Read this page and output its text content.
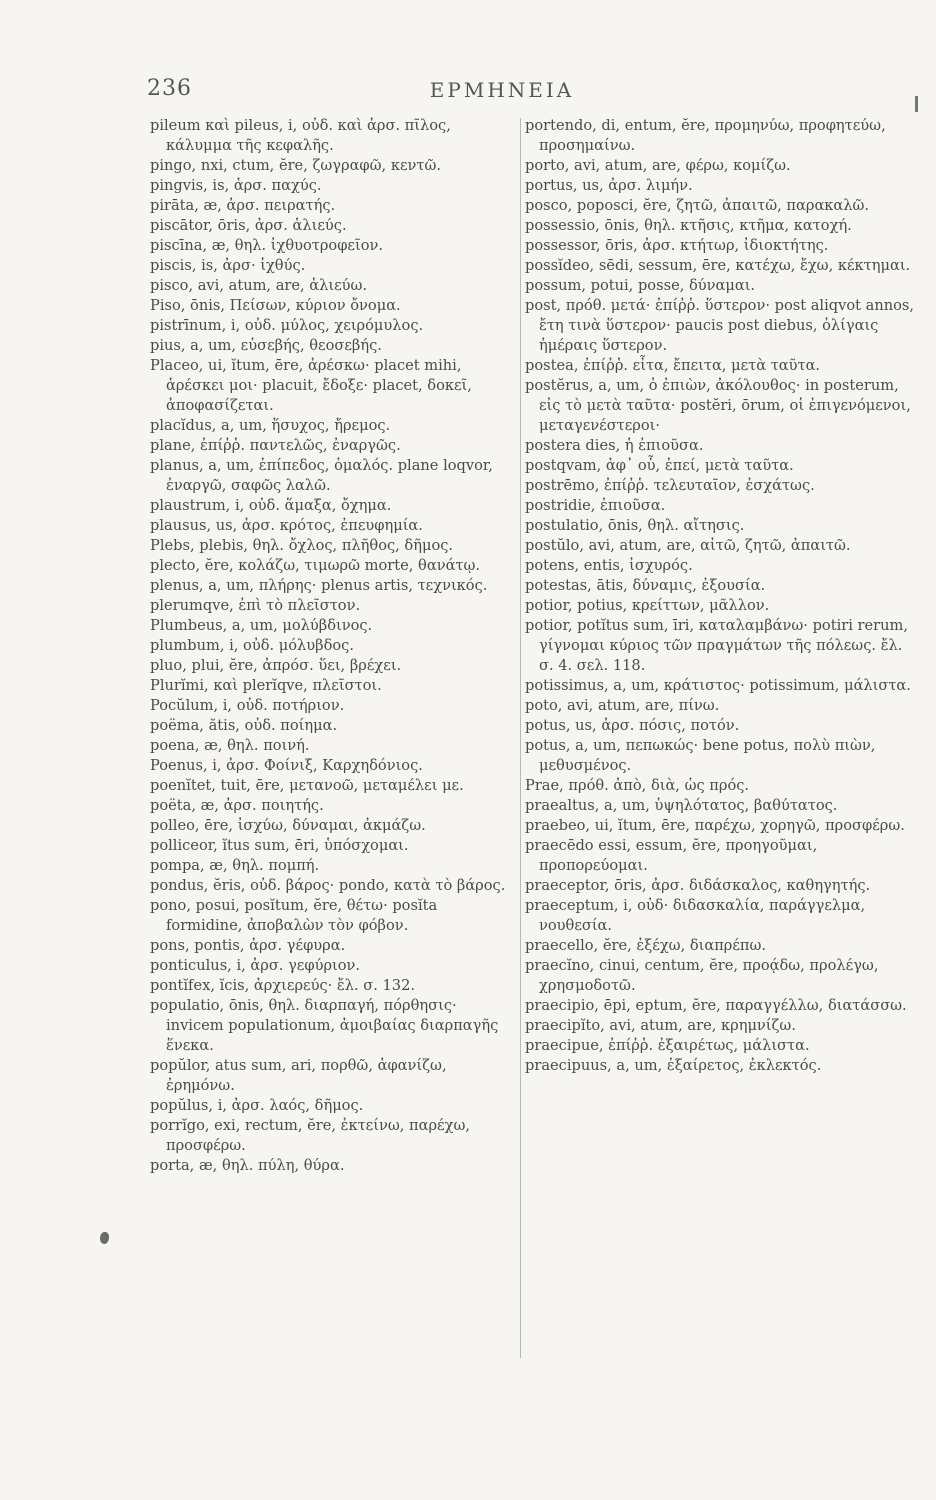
236	ΕΡΜΗΝΕΙΑ
pileum καὶ pileus, i, οὐδ. καὶ ἀρσ. πῖλος, κάλυμμα τῆς κεφαλῆς.
pingo, nxi, ctum, ĕre, ζωγραφῶ, κεντῶ.
pingvis, is, ἀρσ. παχύς.
pirāta, æ, ἀρσ. πειρατής.
piscātor, ōris, ἀρσ. ἁλιεύς.
piscīna, æ, θηλ. ἰχθυοτροφεῖον.
piscis, is, ἀρσ· ἰχθύς.
pisco, avi, atum, are, ἁλιεύω.
Piso, ōnis, Πείσων, κύριον ὄνομα.
pistrīnum, i, οὐδ. μύλος, χειρόμυλος.
pius, a, um, εὐσεβής, θεοσεβής.
Placeo, ui, ĭtum, ēre, ἀρέσκω· placet mihi, ἀρέσκει μοι· placuit, ἔδοξε· placet, δοκεῖ, ἀποφασίζεται.
placĭdus, a, um, ἥσυχος, ἤρεμος.
plane, ἐπίῤῥ. παντελῶς, ἐναργῶς.
planus, a, um, ἐπίπεδος, ὁμαλός. plane loqvor, ἐναργῶ, σαφῶς λαλῶ.
plaustrum, i, οὐδ. ἅμαξα, ὄχημα.
plausus, us, ἀρσ. κρότος, ἐπευφημία.
Plebs, plebis, θηλ. ὄχλος, πλῆθος, δῆμος.
plecto, ĕre, κολάζω, τιμωρῶ morte, θανάτῳ.
plenus, a, um, πλήρης· plenus artis, τεχνικός.
plerumqve, ἐπὶ τὸ πλεῖστον.
Plumbeus, a, um, μολύβδινος.
plumbum, i, οὐδ. μόλυβδος.
pluo, plui, ĕre, ἀπρόσ. ὕει, βρέχει.
Plurĭmi, καὶ plerĭqve, πλεῖστοι.
Pocŭlum, i, οὐδ. ποτήριον.
poëma, ătis, οὐδ. ποίημα.
poena, æ, θηλ. ποινή.
Poenus, i, ἀρσ. Φοίνιξ, Καρχηδόνιος.
poenĭtet, tuit, ēre, μετανοῶ, μεταμέλει με.
poëta, æ, ἀρσ. ποιητής.
polleo, ēre, ἰσχύω, δύναμαι, ἀκμάζω.
polliceor, ĭtus sum, ēri, ὑπόσχομαι.
pompa, æ, θηλ. πομπή.
pondus, ĕris, οὐδ. βάρος· pondo, κατὰ τὸ βάρος.
pono, posui, posĭtum, ĕre, θέτω· posĭta formidine, ἀποβαλὼν τὸν φόβον.
pons, pontis, ἀρσ. γέφυρα.
ponticulus, i, ἀρσ. γεφύριον.
pontĭfex, ĭcis, ἀρχιερεύς· ἔλ. σ. 132.
populatio, ōnis, θηλ. διαρπαγή, πόρθησις· invicem populationum, ἀμοιβαίας διαρπαγῆς ἕνεκα.
popŭlor, atus sum, ari, πορθῶ, ἀφανίζω, ἐρημόνω.
popŭlus, i, ἀρσ. λαός, δῆμος.
porrĭgo, exi, rectum, ĕre, ἐκτείνω, παρέχω, προσφέρω.
porta, æ, θηλ. πύλη, θύρα.
portendo, di, entum, ĕre, προμηνύω, προφητεύω, προσημαίνω.
porto, avi, atum, are, φέρω, κομίζω.
portus, us, ἀρσ. λιμήν.
posco, poposci, ĕre, ζητῶ, ἀπαιτῶ, παρακαλῶ.
possessio, ōnis, θηλ. κτῆσις, κτῆμα, κατοχή.
possessor, ōris, ἀρσ. κτήτωρ, ἰδιοκτήτης.
possĭdeo, sēdi, sessum, ēre, κατέχω, ἔχω, κέκτημαι.
possum, potui, posse, δύναμαι.
post, πρόθ. μετά· ἐπίῤῥ. ὕστερον· post aliqvot annos, ἔτη τινὰ ὕστερον· paucis post diebus, ὀλίγαις ἡμέραις ὕστερον.
postea, ἐπίῤῥ. εἶτα, ἔπειτα, μετὰ ταῦτα.
postĕrus, a, um, ὁ ἐπιὼν, ἀκόλουθος· in posterum, εἰς τὸ μετὰ ταῦτα· postĕri, ōrum, οἱ ἐπιγενόμενοι, μεταγενέστεροι·
postera dies, ἡ ἐπιοῦσα.
postqvam, ἀφ᾽ οὗ, ἐπεί, μετὰ ταῦτα.
postrēmo, ἐπίῤῥ. τελευταῖον, ἐσχάτως.
postridie, ἐπιοῦσα.
postulatio, ōnis, θηλ. αἴτησις.
postŭlo, avi, atum, are, αἰτῶ, ζητῶ, ἀπαιτῶ.
potens, entis, ἰσχυρός.
potestas, ātis, δύναμις, ἐξουσία.
potior, potius, κρείττων, μᾶλλον.
potior, potĭtus sum, īri, καταλαμβάνω· potiri rerum, γίγνομαι κύριος τῶν πραγμάτων τῆς πόλεως. ἔλ. σ. 4. σελ. 118.
potissimus, a, um, κράτιστος· potissimum, μάλιστα.
poto, avi, atum, are, πίνω.
potus, us, ἀρσ. πόσις, ποτόν.
potus, a, um, πεπωκώς· bene potus, πολὺ πιὼν, μεθυσμένος.
Prae, πρόθ. ἀπὸ, διὰ, ὡς πρός.
praealtus, a, um, ὑψηλότατος, βαθύτατος.
praebeo, ui, ĭtum, ēre, παρέχω, χορηγῶ, προσφέρω.
praecēdo essi, essum, ĕre, προηγοῦμαι, προπορεύομαι.
praeceptor, ōris, ἀρσ. διδάσκαλος, καθηγητής.
praeceptum, i, οὐδ· διδασκαλία, παράγγελμα, νουθεσία.
praecello, ĕre, ἐξέχω, διαπρέπω.
praecĭno, cinui, centum, ĕre, προᾴδω, προλέγω, χρησμοδοτῶ.
praecipio, ēpi, eptum, ĕre, παραγγέλλω, διατάσσω.
praecipĭto, avi, atum, are, κρημνίζω.
praecipue, ἐπίῤῥ. ἐξαιρέτως, μάλιστα.
praecipuus, a, um, ἐξαίρετος, ἐκλεκτός.
